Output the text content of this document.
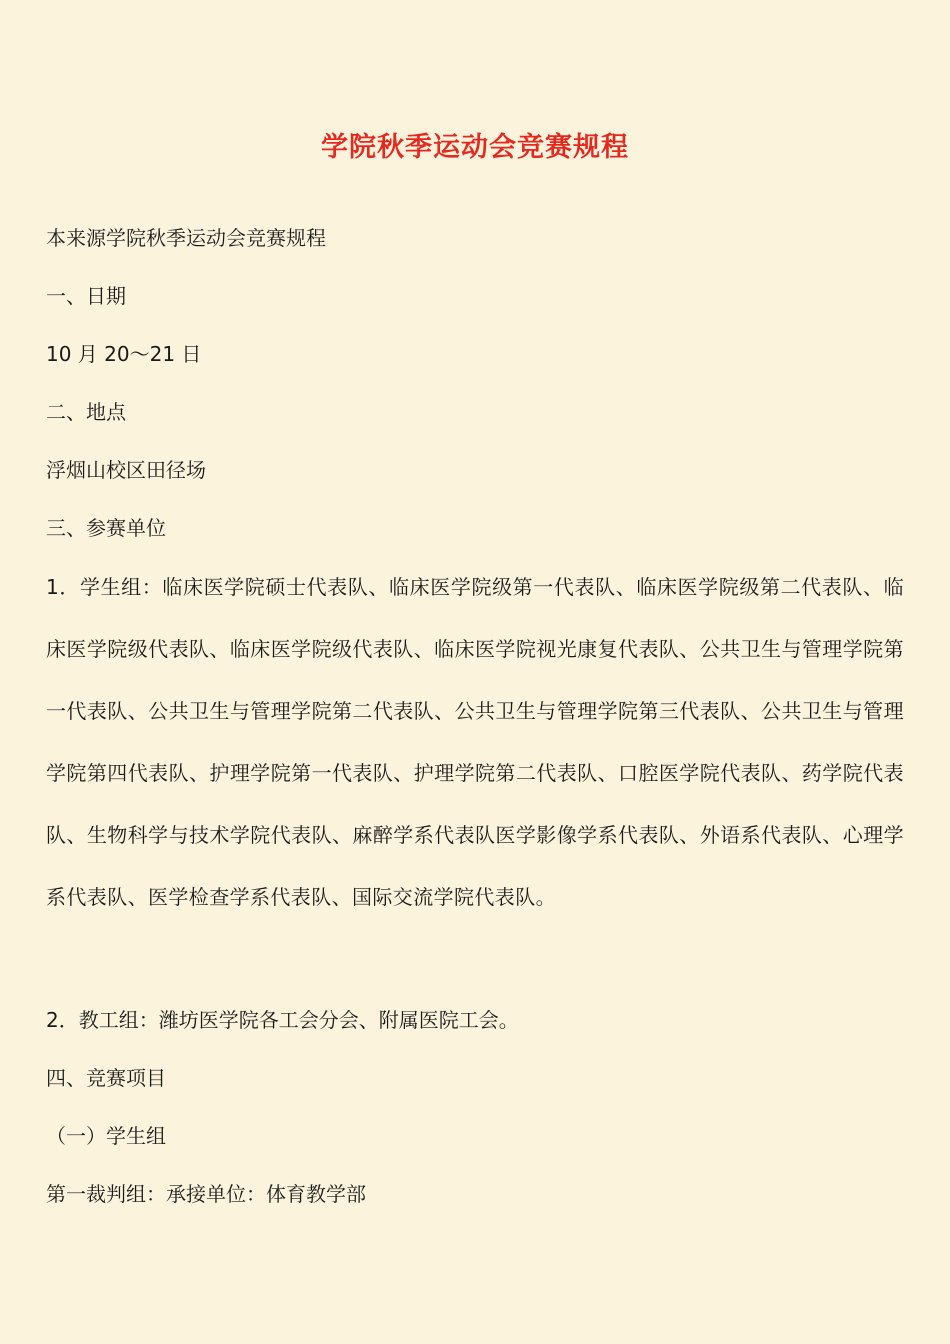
学院秋季运动会竞赛规程
本来源学院秋季运动会竞赛规程
一、日期
10 月 20～21 日
二、地点
浮烟山校区田径场
三、参赛单位

1．学生组：临床医学院硕士代表队、临床医学院级第一代表队、临床医学院级第二代表队、临床医学院级代表队、临床医学院级代表队、临床医学院视光康复代表队、公共卫生与管理学院第一代表队、公共卫生与管理学院第二代表队、公共卫生与管理学院第三代表队、公共卫生与管理学院第四代表队、护理学院第一代表队、护理学院第二代表队、口腔医学院代表队、药学院代表队、生物科学与技术学院代表队、麻醉学系代表队医学影像学系代表队、外语系代表队、心理学系代表队、医学检查学系代表队、国际交流学院代表队。

2．教工组：潍坊医学院各工会分会、附属医院工会。
四、竞赛项目
（一）学生组
第一裁判组：承接单位：体育教学部
